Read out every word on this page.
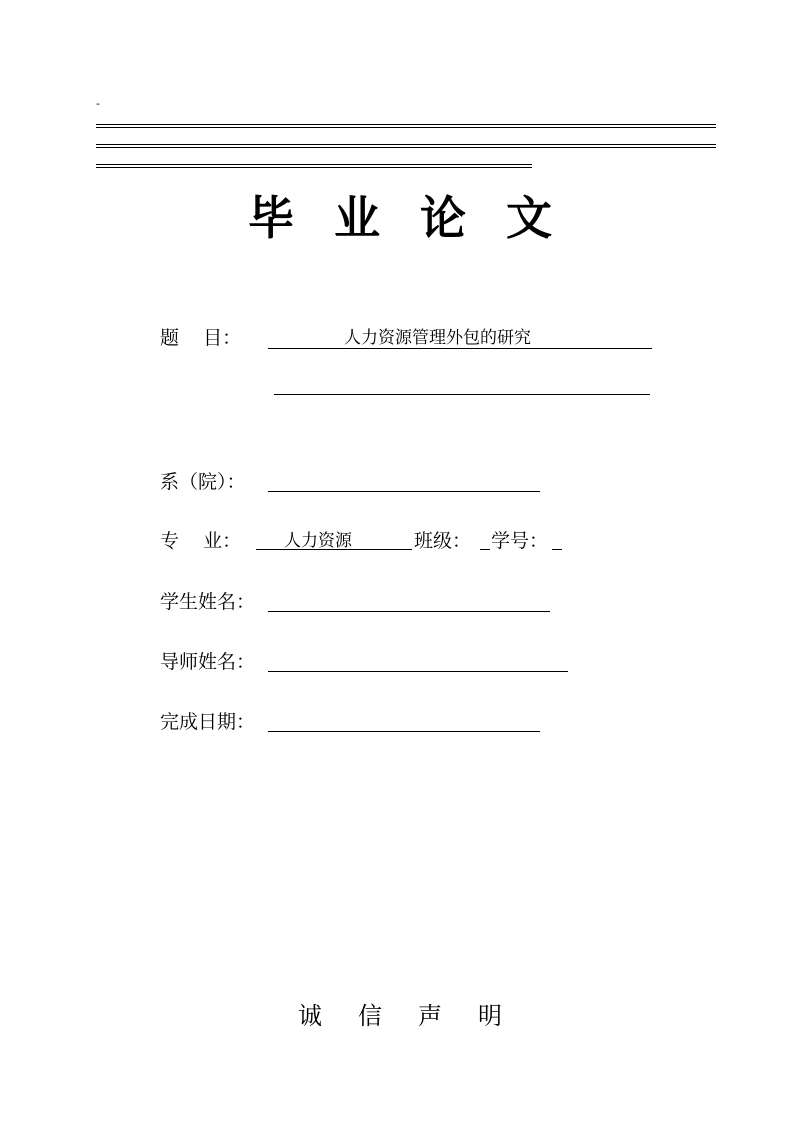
-
毕业论文
题    目：	人力资源管理外包的研究
系（院）：
专    业：	人力资源	班级： 学号：
学生姓名：
导师姓名：
完成日期：
诚信声明
